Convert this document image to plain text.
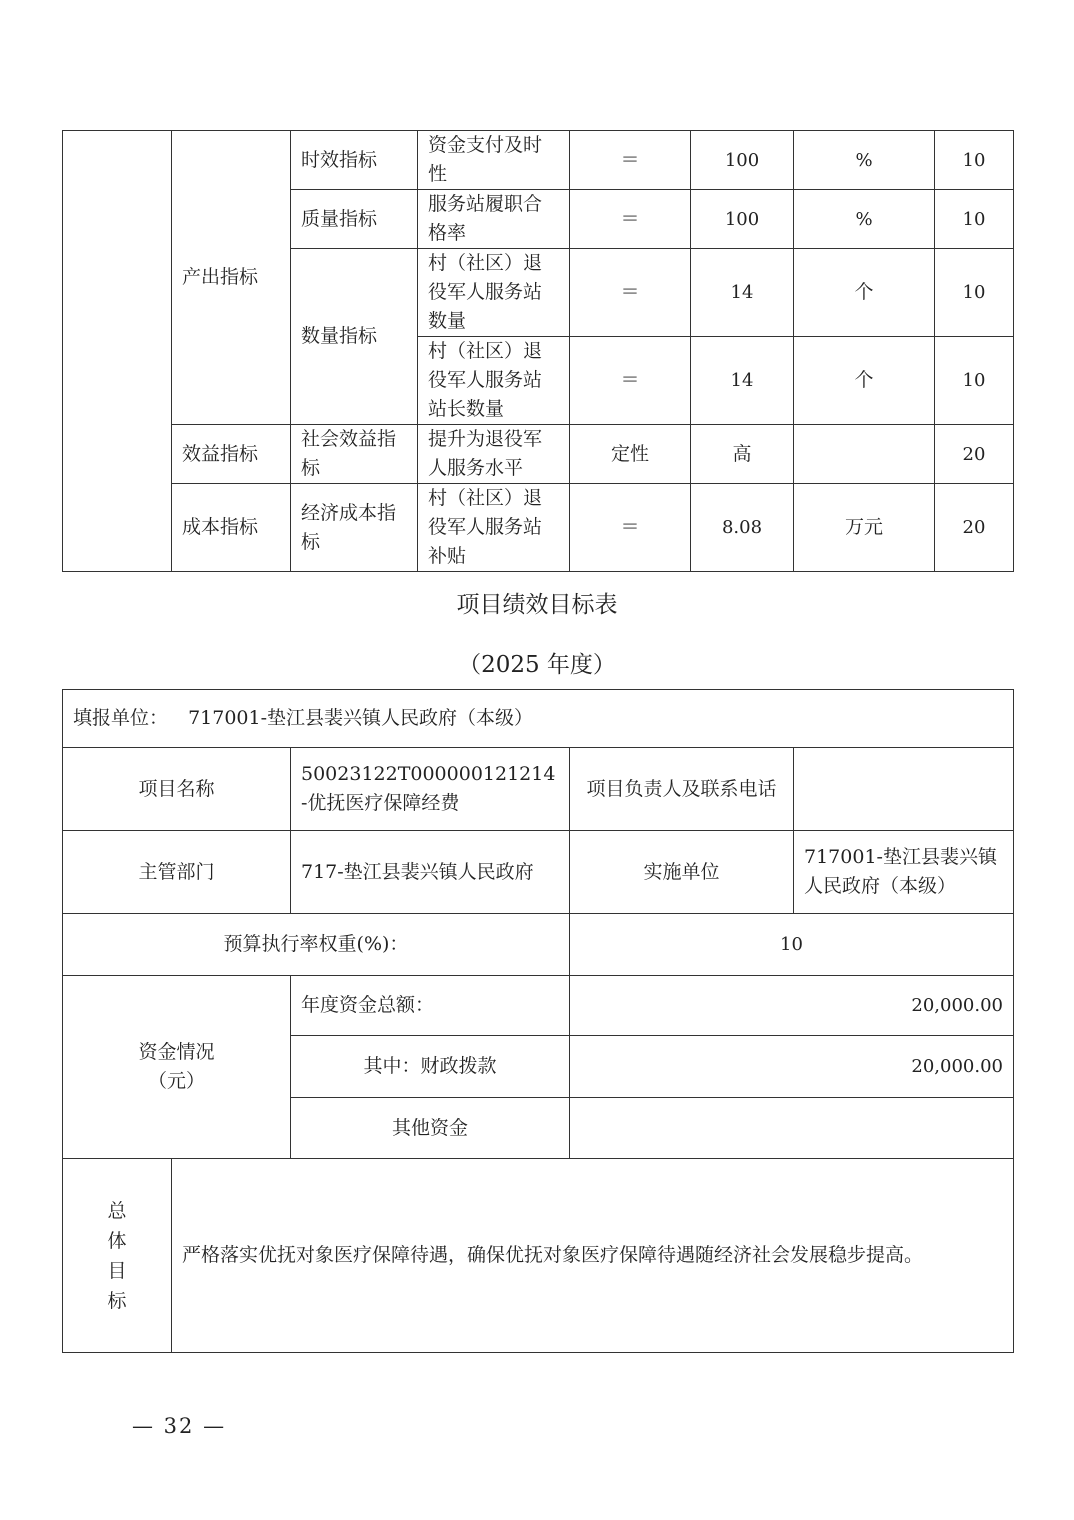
	产出指标	时效指标	资金支付及时性	＝	100	%	10
		质量指标	服务站履职合格率	＝	100	%	10
		数量指标	村（社区）退役军人服务站数量	＝	14	个	10
			村（社区）退役军人服务站站长数量	＝	14	个	10
	效益指标	社会效益指标	提升为退役军人服务水平	定性	高		20
	成本指标	经济成本指标	村（社区）退役军人服务站补贴	＝	8.08	万元	20
项目绩效目标表
（2025 年度）
填报单位： 717001-垫江县裴兴镇人民政府（本级）				
项目名称		50023122T000000121214-优抚医疗保障经费	项目负责人及联系电话	
主管部门		717-垫江县裴兴镇人民政府	实施单位	717001-垫江县裴兴镇人民政府（本级）
预算执行率权重(%)：			10	
资金情况（元）		年度资金总额：	20,000.00	
		其中：财政拨款	20,000.00	
		其他资金		

总
体
目
标	严格落实优抚对象医疗保障待遇，确保优抚对象医疗保障待遇随经济社会发展稳步提高。			
— 32 —
